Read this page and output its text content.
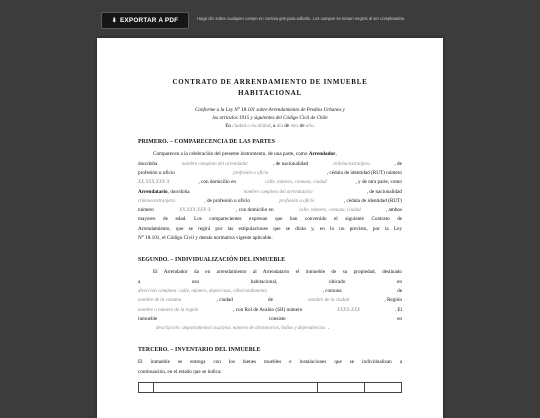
⬇ EXPORTAR A PDF	Haga clic sobre cualquier campo en cursiva gris para editarlo. Los campos se toman negros al ser completados.
CONTRATO DE ARRENDAMIENTO DE INMUEBLE
HABITACIONAL
Conforme a la Ley N° 18.101 sobre Arrendamiento de Predios Urbanos y
los artículos 1915 y siguientes del Código Civil de Chile
En ciudad o localidad, a día de mes de año.
PRIMERO. – COMPARECENCIA DE LAS PARTES
Comparecen a la celebración del presente instrumento, de una parte, como Arrendador,
don/doña	nombre completo del arrendador	, de nacionalidad	chilena/extranjera	, de
profesión u oficio	profesión u oficio	, cédula de identidad (RUT) número
XX.XXX.XXX-X	, con domicilio en	calle, número, comuna, ciudad	, y de otra parte, como
Arrendatario, don/doña	nombre completo del arrendatario	, de nacionalidad
chilena/extranjera	, de profesión u oficio	profesión u oficio	, cédula de identidad (RUT)
número	XX.XXX.XXX-X	, con domicilio en	calle, número, comuna, ciudad	, ambos

mayores de edad. Los comparecientes expresan que han convenido el siguiente Contrato de

Arrendamiento, que se regirá por las estipulaciones que se dirán y, en lo no previsto, por la Ley

N° 18.101, el Código Civil y demás normativa vigente aplicable.

SEGUNDO. – INDIVIDUALIZACIÓN DEL INMUEBLE

El Arrendador da en arrendamiento al Arrendatario el inmueble de su propiedad, destinado

a	uso	habitacional,	ubicado	en
dirección completa: calle, número, depto/casa, villa/condominio	, comuna	de
nombre de la comuna	, ciudad	de	nombre de la ciudad	, Región
nombre o número de la región	, con Rol de Avalúo (SII) número	XXXX-XXX	. El
inmueble	consiste	en
descripción: departamento/casa/piso, número de dormitorios, baños y dependencias .
TERCERO. – INVENTARIO DEL INMUEBLE

El inmueble se entrega con los bienes muebles e instalaciones que se individualizan a

continuación, en el estado que se indica:
